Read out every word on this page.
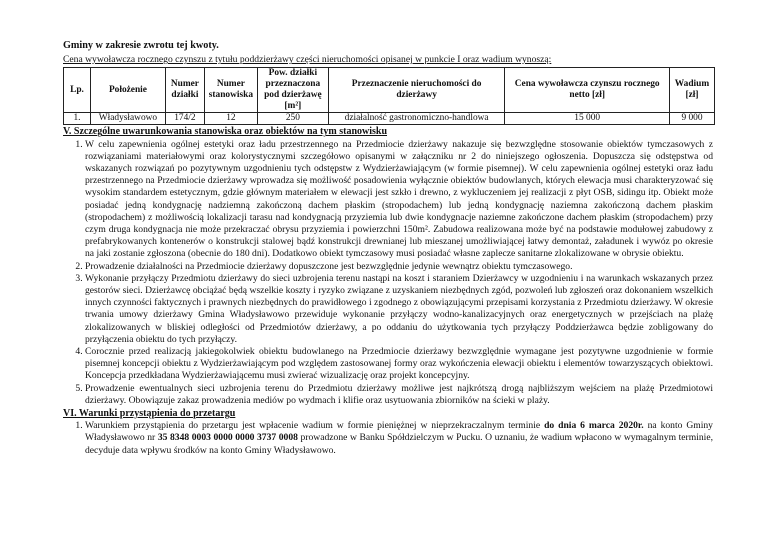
Gminy w zakresie zwrotu tej kwoty.
Cena wywoławcza rocznego czynszu z tytułu poddzierżawy części nieruchomości opisanej w punkcie I oraz wadium wynoszą:
Lp.	Położenie	Numer działki	Numer stanowiska	Pow. działki przeznaczona pod dzierżawę [m²]	Przeznaczenie nieruchomości do dzierżawy	Cena wywoławcza czynszu rocznego netto [zł]	Wadium [zł]
1.	Władysławowo	174/2	12	250	działalność gastronomiczno-handlowa	15 000	9 000
V. Szczególne uwarunkowania stanowiska oraz obiektów na tym stanowisku
1. W celu zapewnienia ogólnej estetyki oraz ładu przestrzennego na Przedmiocie dzierżawy nakazuje się bezwzględne stosowanie obiektów tymczasowych z rozwiązaniami materiałowymi oraz kolorystycznymi szczegółowo opisanymi w załączniku nr 2 do niniejszego ogłoszenia. Dopuszcza się odstępstwa od wskazanych rozwiązań po pozytywnym uzgodnieniu tych odstępstw z Wydzierżawiającym (w formie pisemnej). W celu zapewnienia ogólnej estetyki oraz ładu przestrzennego na Przedmiocie dzierżawy wprowadza się możliwość posadowienia wyłącznie obiektów budowlanych, których elewacja musi charakteryzować się wysokim standardem estetycznym, gdzie głównym materiałem w elewacji jest szkło i drewno, z wykluczeniem jej realizacji z płyt OSB, sidingu itp. Obiekt może posiadać jedną kondygnację nadziemną zakończoną dachem płaskim (stropodachem) lub jedną kondygnację naziemna zakończoną dachem płaskim (stropodachem) z możliwością lokalizacji tarasu nad kondygnacją przyziemia lub dwie kondygnacje naziemne zakończone dachem płaskim (stropodachem) przy czym druga kondygnacja nie może przekraczać obrysu przyziemia i powierzchni 150m². Zabudowa realizowana może być na podstawie modułowej zabudowy z prefabrykowanych kontenerów o konstrukcji stalowej bądź konstrukcji drewnianej lub mieszanej umożliwiającej łatwy demontaż, załadunek i wywóz po okresie na jaki zostanie zgłoszona (obecnie do 180 dni). Dodatkowo obiekt tymczasowy musi posiadać własne zaplecze sanitarne zlokalizowane w obrysie obiektu.
2. Prowadzenie działalności na Przedmiocie dzierżawy dopuszczone jest bezwzględnie jedynie wewnątrz obiektu tymczasowego.
3. Wykonanie przyłączy Przedmiotu dzierżawy do sieci uzbrojenia terenu nastąpi na koszt i staraniem Dzierżawcy w uzgodnieniu i na warunkach wskazanych przez gestorów sieci. Dzierżawcę obciążać będą wszelkie koszty i ryzyko związane z uzyskaniem niezbędnych zgód, pozwoleń lub zgłoszeń oraz dokonaniem wszelkich innych czynności faktycznych i prawnych niezbędnych do prawidłowego i zgodnego z obowiązującymi przepisami korzystania z Przedmiotu dzierżawy. W okresie trwania umowy dzierżawy Gmina Władysławowo przewiduje wykonanie przyłączy wodno-kanalizacyjnych oraz energetycznych w przejściach na plażę zlokalizowanych w bliskiej odległości od Przedmiotów dzierżawy, a po oddaniu do użytkowania tych przyłączy Poddzierżawca będzie zobligowany do przyłączenia obiektu do tych przyłączy.
4. Corocznie przed realizacją jakiegokolwiek obiektu budowlanego na Przedmiocie dzierżawy bezwzględnie wymagane jest pozytywne uzgodnienie w formie pisemnej koncepcji obiektu z Wydzierżawiającym pod względem zastosowanej formy oraz wykończenia elewacji obiektu i elementów towarzyszących obiektowi. Koncepcja przedkładana Wydzierżawiającemu musi zwierać wizualizację oraz projekt koncepcyjny.
5. Prowadzenie ewentualnych sieci uzbrojenia terenu do Przedmiotu dzierżawy możliwe jest najkrótszą drogą najbliższym wejściem na plażę Przedmiotowi dzierżawy. Obowiązuje zakaz prowadzenia mediów po wydmach i klifie oraz usytuowania zbiorników na ścieki w plaży.
VI. Warunki przystąpienia do przetargu
1. Warunkiem przystąpienia do przetargu jest wpłacenie wadium w formie pieniężnej w nieprzekraczalnym terminie do dnia 6 marca 2020r. na konto Gminy Władysławowo nr 35 8348 0003 0000 0000 3737 0008 prowadzone w Banku Spółdzielczym w Pucku. O uznaniu, że wadium wpłacono w wymagalnym terminie, decyduje data wpływu środków na konto Gminy Władysławowo.
